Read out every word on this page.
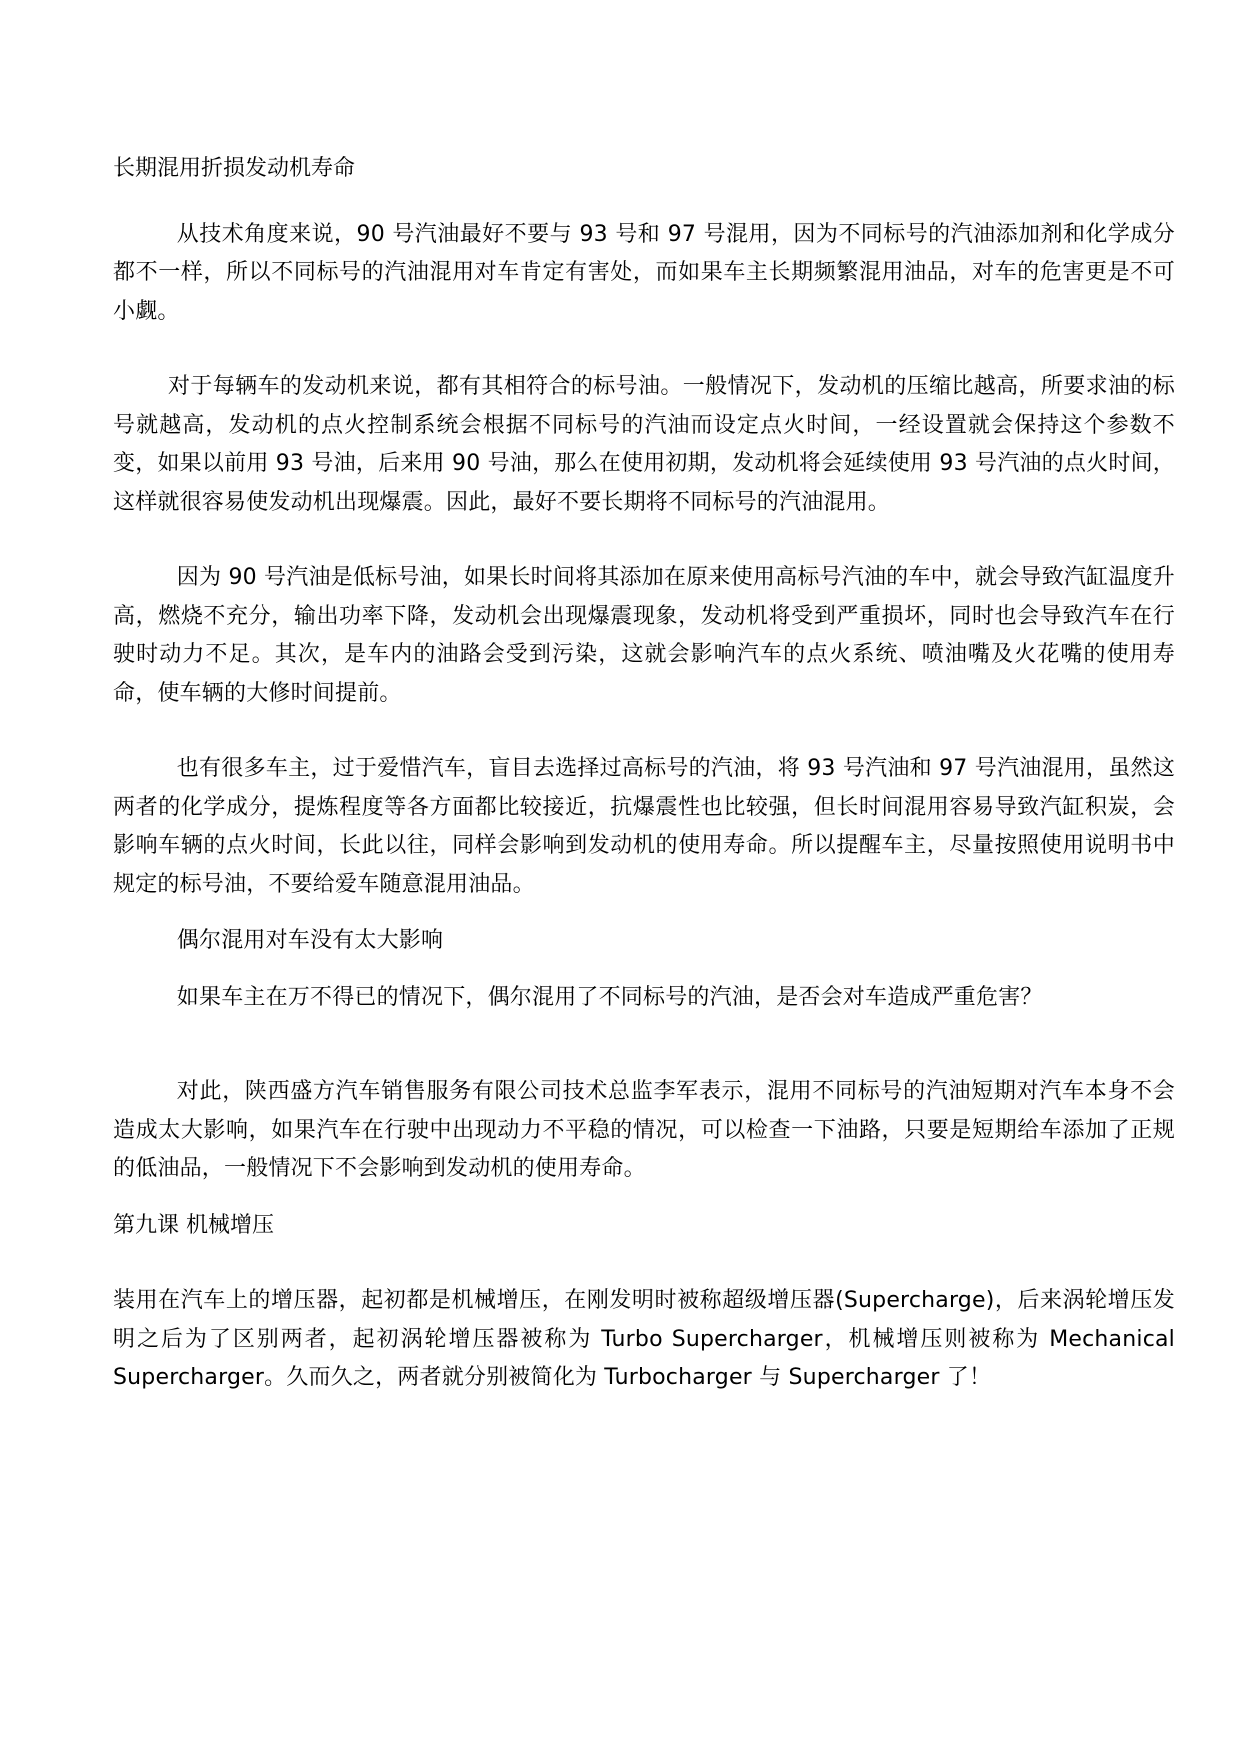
长期混用折损发动机寿命

从技术角度来说，90 号汽油最好不要与 93 号和 97 号混用，因为不同标号的汽油添加剂和化学成分都不一样，所以不同标号的汽油混用对车肯定有害处，而如果车主长期频繁混用油品，对车的危害更是不可小觑。

对于每辆车的发动机来说，都有其相符合的标号油。一般情况下，发动机的压缩比越高，所要求油的标号就越高，发动机的点火控制系统会根据不同标号的汽油而设定点火时间，一经设置就会保持这个参数不变，如果以前用 93 号油，后来用 90 号油，那么在使用初期，发动机将会延续使用 93 号汽油的点火时间，这样就很容易使发动机出现爆震。因此，最好不要长期将不同标号的汽油混用。

因为 90 号汽油是低标号油，如果长时间将其添加在原来使用高标号汽油的车中，就会导致汽缸温度升高，燃烧不充分，输出功率下降，发动机会出现爆震现象，发动机将受到严重损坏，同时也会导致汽车在行驶时动力不足。其次，是车内的油路会受到污染，这就会影响汽车的点火系统、喷油嘴及火花嘴的使用寿命，使车辆的大修时间提前。

也有很多车主，过于爱惜汽车，盲目去选择过高标号的汽油，将 93 号汽油和 97 号汽油混用，虽然这两者的化学成分，提炼程度等各方面都比较接近，抗爆震性也比较强，但长时间混用容易导致汽缸积炭，会影响车辆的点火时间，长此以往，同样会影响到发动机的使用寿命。所以提醒车主，尽量按照使用说明书中规定的标号油，不要给爱车随意混用油品。

偶尔混用对车没有太大影响

如果车主在万不得已的情况下，偶尔混用了不同标号的汽油，是否会对车造成严重危害？

对此，陕西盛方汽车销售服务有限公司技术总监李军表示，混用不同标号的汽油短期对汽车本身不会造成太大影响，如果汽车在行驶中出现动力不平稳的情况，可以检查一下油路，只要是短期给车添加了正规的低油品，一般情况下不会影响到发动机的使用寿命。

第九课 机械增压

装用在汽车上的增压器，起初都是机械增压，在刚发明时被称超级增压器(Supercharge)，后来涡轮增压发明之后为了区别两者，起初涡轮增压器被称为 Turbo Supercharger，机械增压则被称为 Mechanical Supercharger。久而久之，两者就分别被简化为 Turbocharger 与 Supercharger 了！
